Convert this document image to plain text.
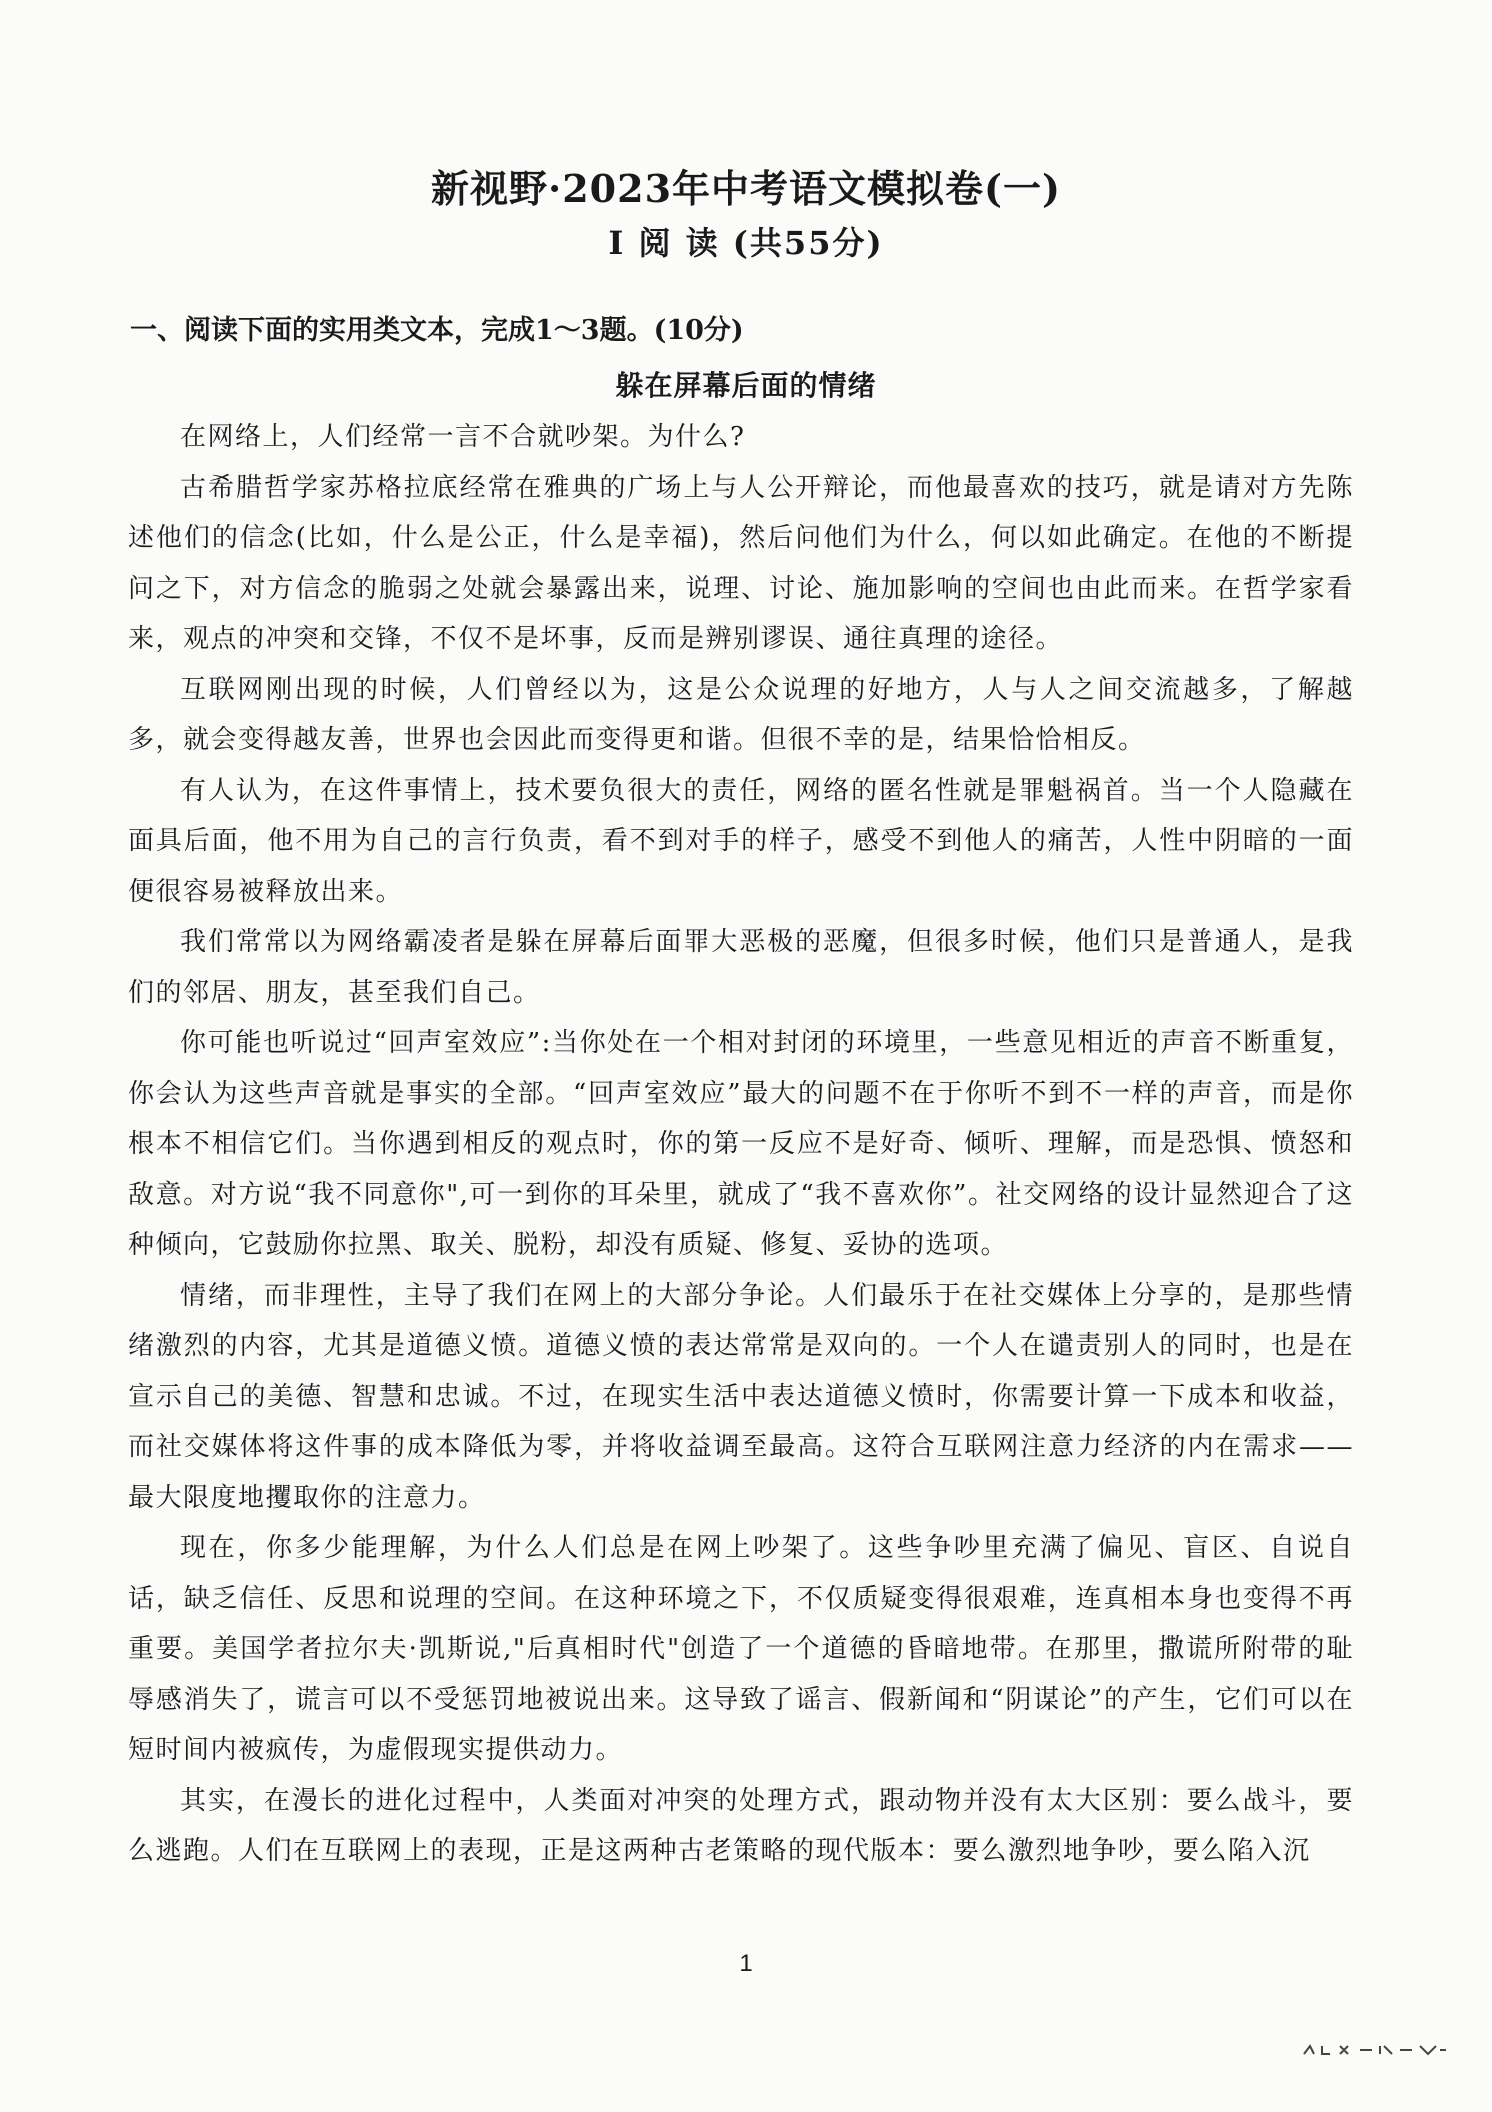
新视野·2023年中考语文模拟卷(一)
Ⅰ 阅 读 (共55分)
一、阅读下面的实用类文本，完成1～3题。(10分)
躲在屏幕后面的情绪

在网络上，人们经常一言不合就吵架。为什么?

古希腊哲学家苏格拉底经常在雅典的广场上与人公开辩论，而他最喜欢的技巧，就是请对方先陈述他们的信念(比如，什么是公正，什么是幸福)，然后问他们为什么，何以如此确定。在他的不断提问之下，对方信念的脆弱之处就会暴露出来，说理、讨论、施加影响的空间也由此而来。在哲学家看来，观点的冲突和交锋，不仅不是坏事，反而是辨别谬误、通往真理的途径。

互联网刚出现的时候，人们曾经以为，这是公众说理的好地方，人与人之间交流越多，了解越多，就会变得越友善，世界也会因此而变得更和谐。但很不幸的是，结果恰恰相反。

有人认为，在这件事情上，技术要负很大的责任，网络的匿名性就是罪魁祸首。当一个人隐藏在面具后面，他不用为自己的言行负责，看不到对手的样子，感受不到他人的痛苦，人性中阴暗的一面便很容易被释放出来。

我们常常以为网络霸凌者是躲在屏幕后面罪大恶极的恶魔，但很多时候，他们只是普通人，是我们的邻居、朋友，甚至我们自己。

你可能也听说过“回声室效应”:当你处在一个相对封闭的环境里，一些意见相近的声音不断重复，你会认为这些声音就是事实的全部。“回声室效应”最大的问题不在于你听不到不一样的声音，而是你根本不相信它们。当你遇到相反的观点时，你的第一反应不是好奇、倾听、理解，而是恐惧、愤怒和敌意。对方说“我不同意你",可一到你的耳朵里，就成了“我不喜欢你”。社交网络的设计显然迎合了这种倾向，它鼓励你拉黑、取关、脱粉，却没有质疑、修复、妥协的选项。

情绪，而非理性，主导了我们在网上的大部分争论。人们最乐于在社交媒体上分享的，是那些情绪激烈的内容，尤其是道德义愤。道德义愤的表达常常是双向的。一个人在谴责别人的同时，也是在宣示自己的美德、智慧和忠诚。不过，在现实生活中表达道德义愤时，你需要计算一下成本和收益，而社交媒体将这件事的成本降低为零，并将收益调至最高。这符合互联网注意力经济的内在需求——最大限度地攫取你的注意力。

现在，你多少能理解，为什么人们总是在网上吵架了。这些争吵里充满了偏见、盲区、自说自话，缺乏信任、反思和说理的空间。在这种环境之下，不仅质疑变得很艰难，连真相本身也变得不再重要。美国学者拉尔夫·凯斯说,"后真相时代"创造了一个道德的昏暗地带。在那里，撒谎所附带的耻辱感消失了，谎言可以不受惩罚地被说出来。这导致了谣言、假新闻和“阴谋论”的产生，它们可以在短时间内被疯传，为虚假现实提供动力。

其实，在漫长的进化过程中，人类面对冲突的处理方式，跟动物并没有太大区别：要么战斗，要么逃跑。人们在互联网上的表现，正是这两种古老策略的现代版本：要么激烈地争吵，要么陷入沉

1
